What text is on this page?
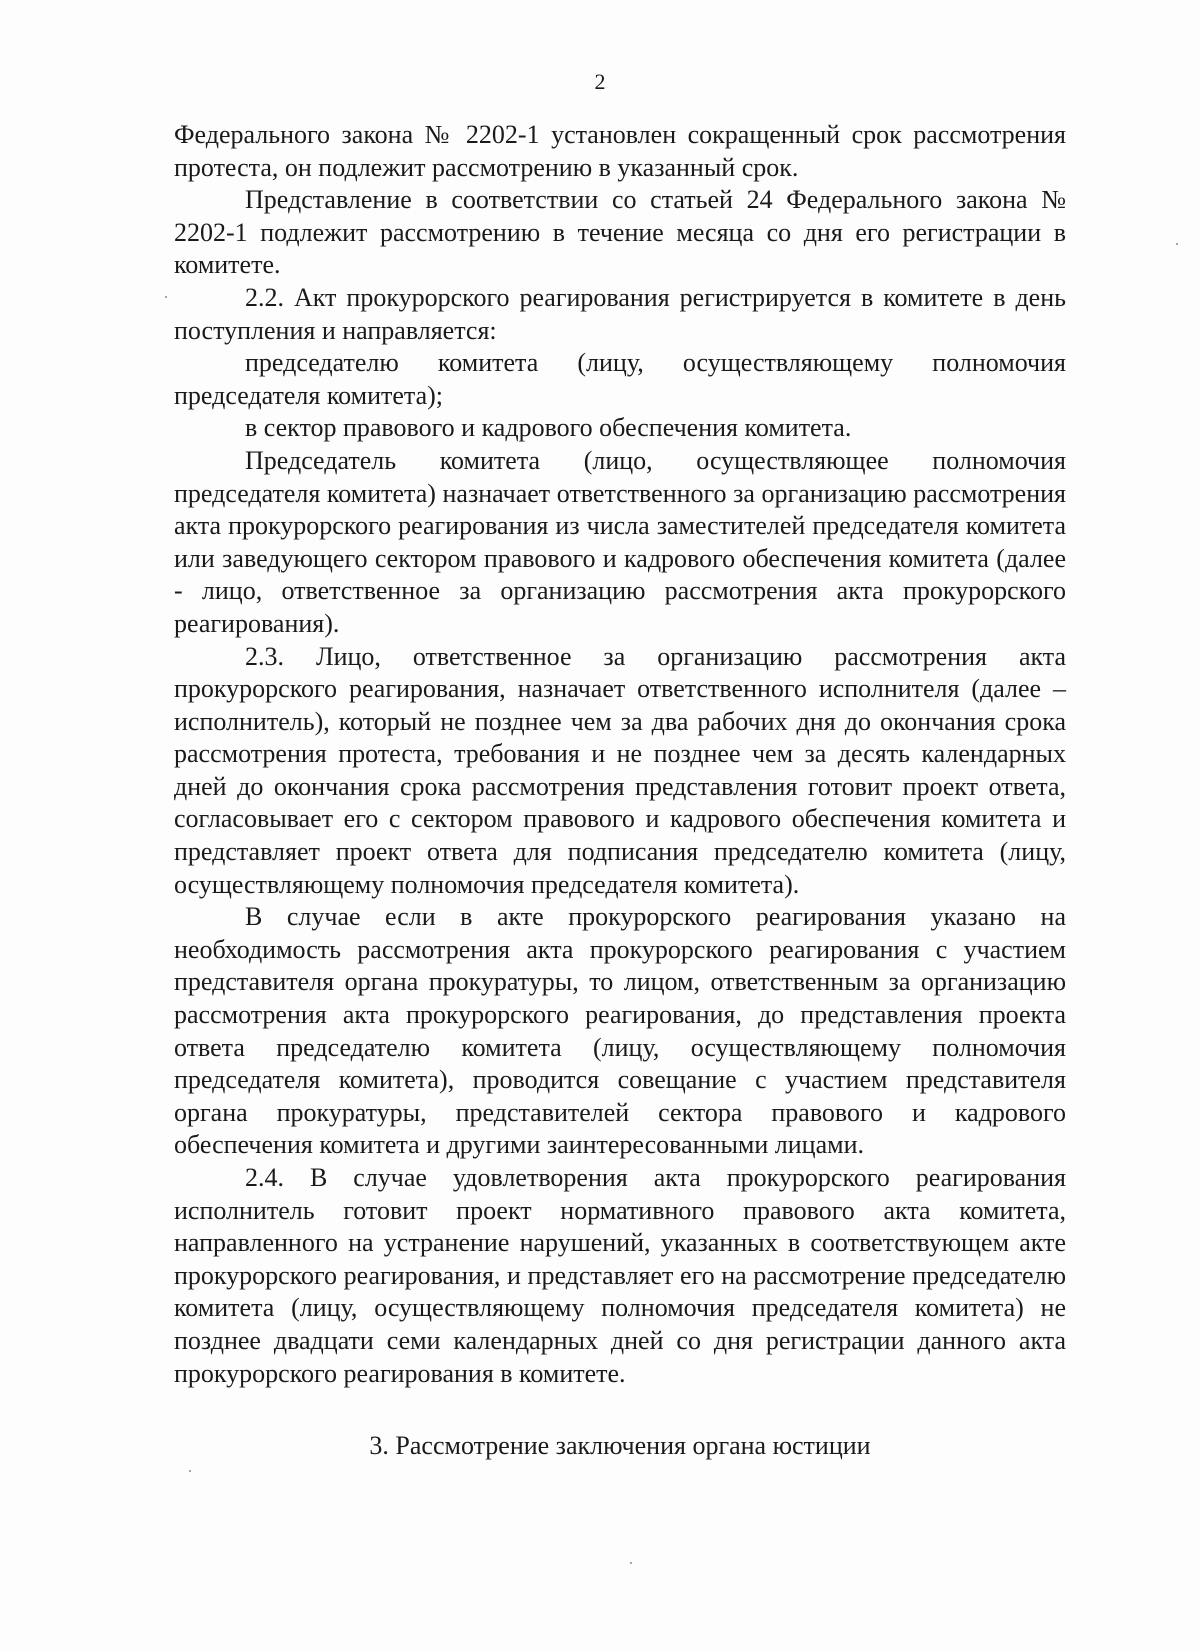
2

Федерального закона № 2202-1 установлен сокращенный срок рассмотрения протеста, он подлежит рассмотрению в указанный срок.

Представление в соответствии со статьей 24 Федерального закона № 2202-1 подлежит рассмотрению в течение месяца со дня его регистрации в комитете.

2.2. Акт прокурорского реагирования регистрируется в комитете в день поступления и направляется:

председателю комитета (лицу, осуществляющему полномочия председателя комитета);

в сектор правового и кадрового обеспечения комитета.

Председатель комитета (лицо, осуществляющее полномочия председателя комитета) назначает ответственного за организацию рассмотрения акта прокурорского реагирования из числа заместителей председателя комитета или заведующего сектором правового и кадрового обеспечения комитета (далее - лицо, ответственное за организацию рассмотрения акта прокурорского реагирования).

2.3. Лицо, ответственное за организацию рассмотрения акта прокурорского реагирования, назначает ответственного исполнителя (далее – исполнитель), который не позднее чем за два рабочих дня до окончания срока рассмотрения протеста, требования и не позднее чем за десять календарных дней до окончания срока рассмотрения представления готовит проект ответа, согласовывает его с сектором правового и кадрового обеспечения комитета и представляет проект ответа для подписания председателю комитета (лицу, осуществляющему полномочия председателя комитета).

В случае если в акте прокурорского реагирования указано на необходимость рассмотрения акта прокурорского реагирования с участием представителя органа прокуратуры, то лицом, ответственным за организацию рассмотрения акта прокурорского реагирования, до представления проекта ответа председателю комитета (лицу, осуществляющему полномочия председателя комитета), проводится совещание с участием представителя органа прокуратуры, представителей сектора правового и кадрового обеспечения комитета и другими заинтересованными лицами.

2.4. В случае удовлетворения акта прокурорского реагирования исполнитель готовит проект нормативного правового акта комитета, направленного на устранение нарушений, указанных в соответствующем акте прокурорского реагирования, и представляет его на рассмотрение председателю комитета (лицу, осуществляющему полномочия председателя комитета) не позднее двадцати семи календарных дней со дня регистрации данного акта прокурорского реагирования в комитете.

3. Рассмотрение заключения органа юстиции
